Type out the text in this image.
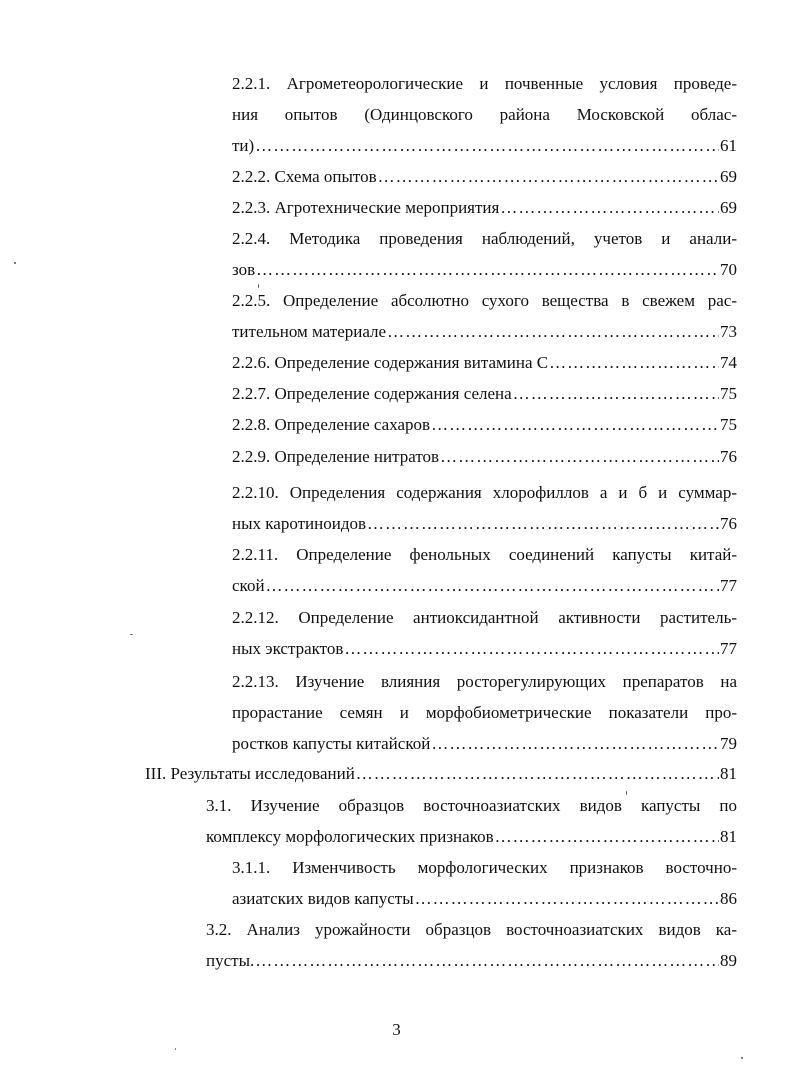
2.2.1. Агрометеорологические и почвенные условия проведе-
ния опытов (Одинцовского района Московской облас-
ти) ………………………………………………………………………………………………………………………………………………………………	61
2.2.2. Схема опытов ………………………………………………………………………………………………………………………………………………………………	69
2.2.3. Агротехнические мероприятия ………………………………………………………………………………………………………………………………………………………………	69
2.2.4. Методика проведения наблюдений, учетов и анали-
зов ………………………………………………………………………………………………………………………………………………………………	70
2.2.5. Определение абсолютно сухого вещества в свежем рас-
тительном материале ………………………………………………………………………………………………………………………………………………………………	73
2.2.6. Определение содержания витамина С ………………………………………………………………………………………………………………………………………………………………	74
2.2.7. Определение содержания селена ………………………………………………………………………………………………………………………………………………………………	75
2.2.8. Определение сахаров ………………………………………………………………………………………………………………………………………………………………	75
2.2.9. Определение нитратов ………………………………………………………………………………………………………………………………………………………………	76
2.2.10. Определения содержания хлорофиллов а и б и суммар-
ных каротиноидов ………………………………………………………………………………………………………………………………………………………………	76
2.2.11. Определение фенольных соединений капусты китай-
ской ………………………………………………………………………………………………………………………………………………………………	77
2.2.12. Определение антиоксидантной активности раститель-
ных экстрактов ………………………………………………………………………………………………………………………………………………………………	77
2.2.13. Изучение влияния росторегулирующих препаратов на
прорастание семян и морфобиометрические показатели про-
ростков капусты китайской ………………………………………………………………………………………………………………………………………………………………	79
III. Результаты исследований ………………………………………………………………………………………………………………………………………………………………	81
3.1. Изучение образцов восточноазиатских видов капусты по
комплексу морфологических признаков ………………………………………………………………………………………………………………………………………………………………	81
3.1.1. Изменчивость морфологических признаков восточно-
азиатских видов капусты ………………………………………………………………………………………………………………………………………………………………	86
3.2. Анализ урожайности образцов восточноазиатских видов ка-
пусты. ………………………………………………………………………………………………………………………………………………………………	89
3
